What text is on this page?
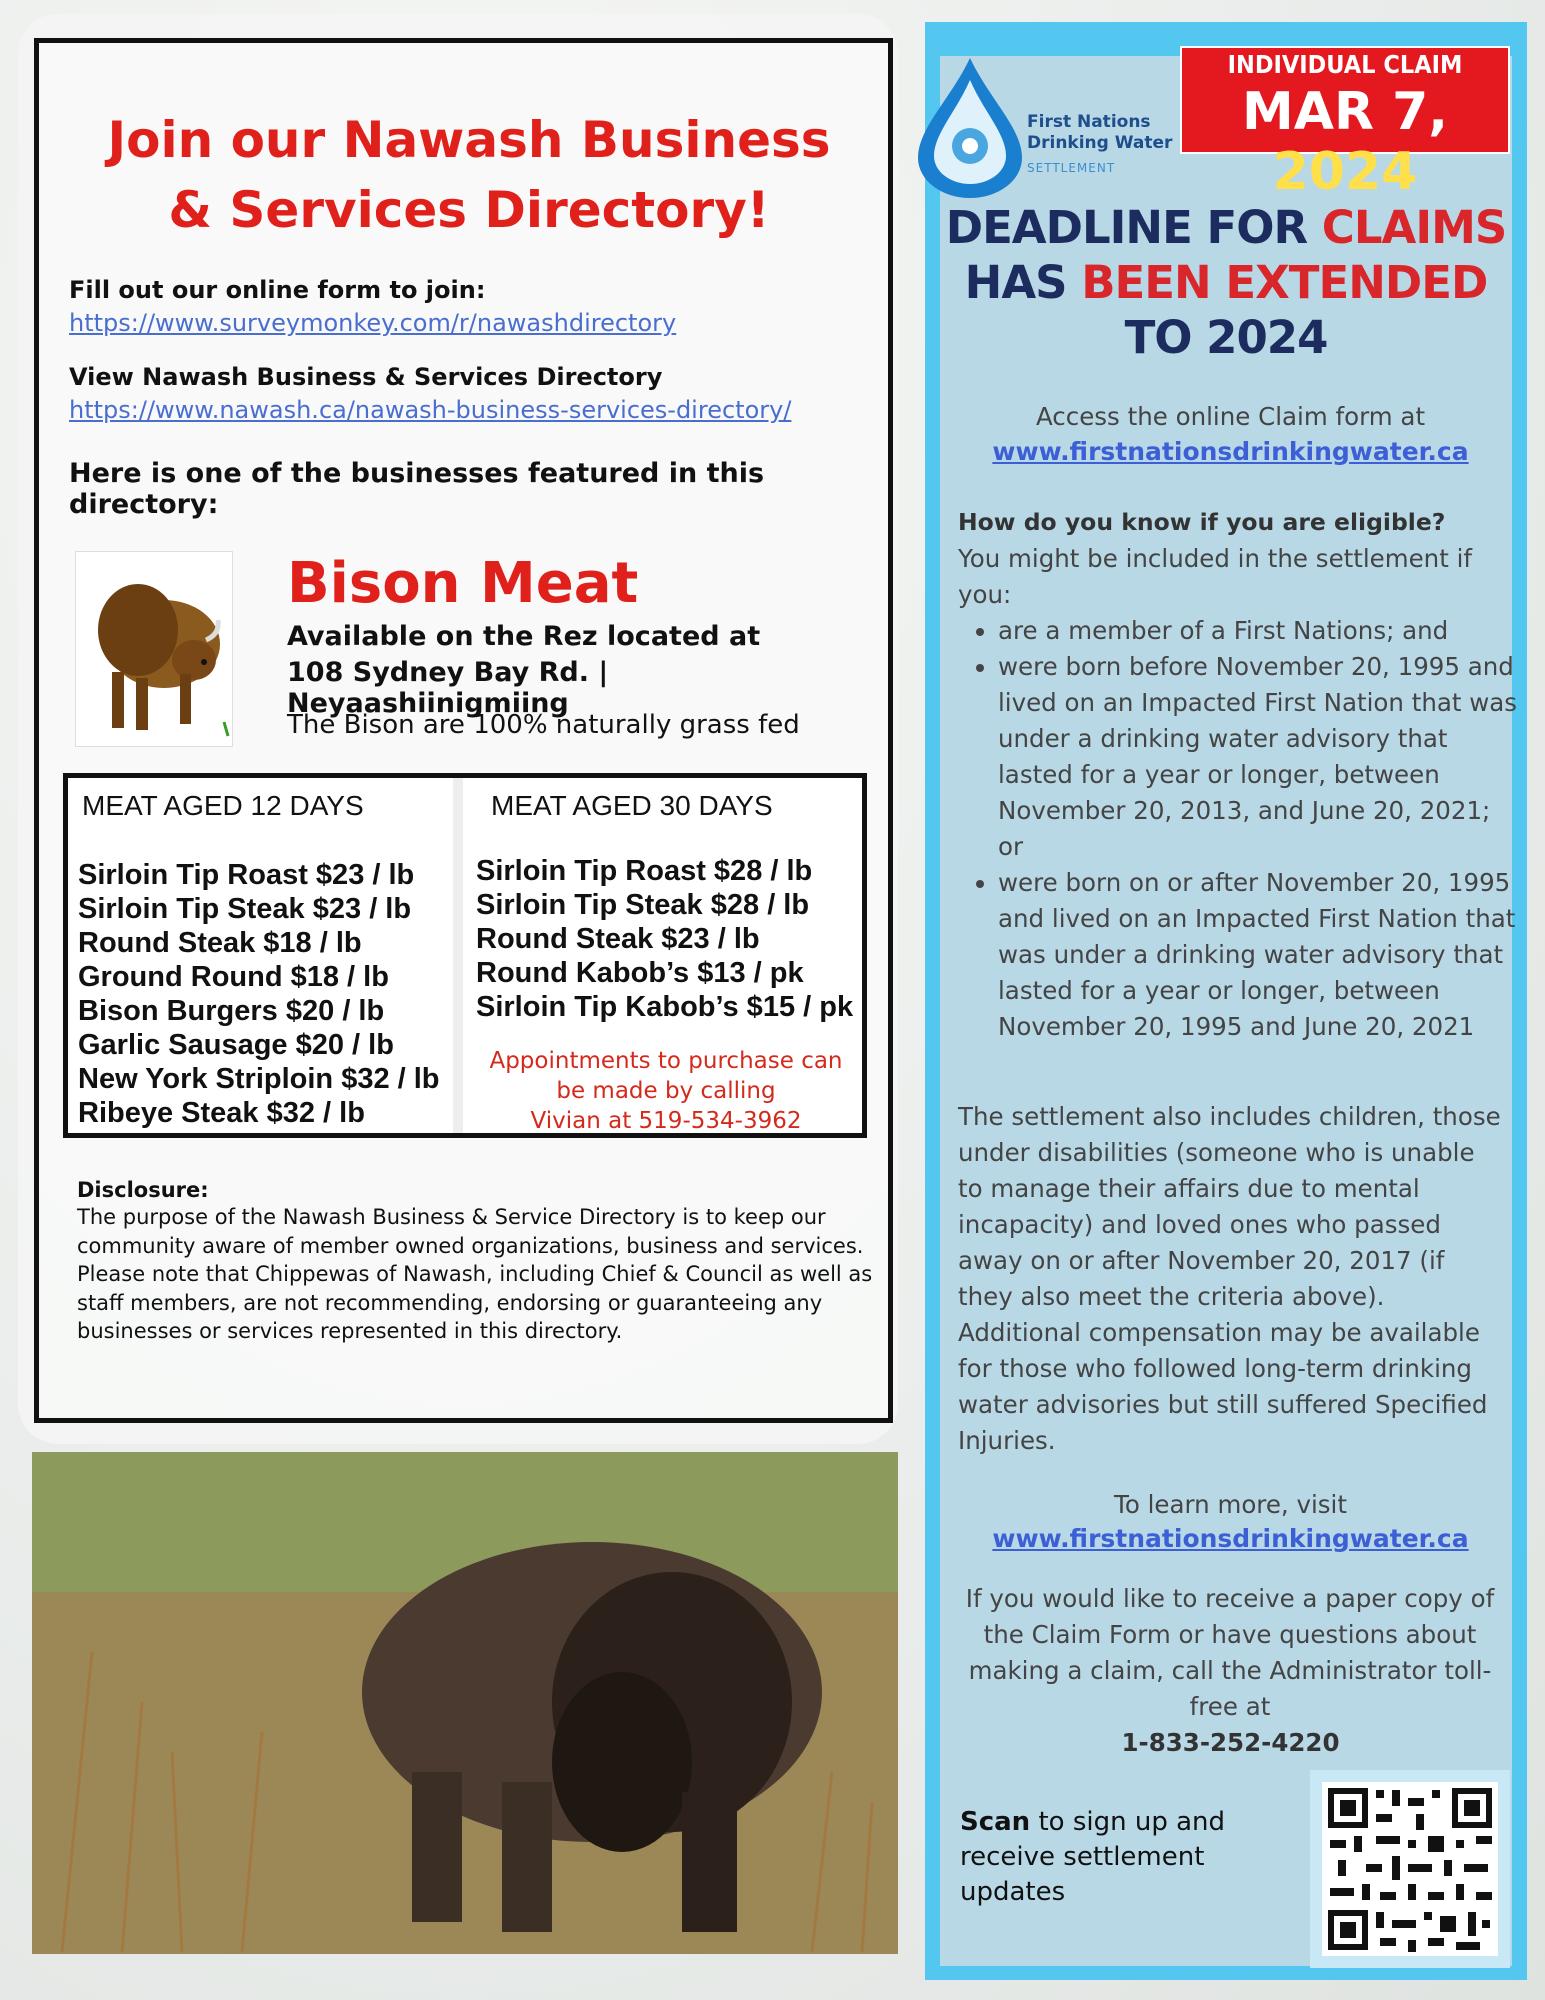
Join our Nawash Business
& Services Directory!
Fill out our online form to join:
https://www.surveymonkey.com/r/nawashdirectory
View Nawash Business & Services Directory
https://www.nawash.ca/nawash-business-services-directory/
Here is one of the businesses featured in this directory:
Bison Meat
Available on the Rez located at
108 Sydney Bay Rd. | Neyaashiinigmiing
The Bison are 100% naturally grass fed
MEAT AGED 12 DAYS
Sirloin Tip Roast $23 / lb
Sirloin Tip Steak $23 / lb
Round Steak $18 / lb
Ground Round $18 / lb
Bison Burgers $20 / lb
Garlic Sausage $20 / lb
New York Striploin $32 / lb
Ribeye Steak $32 / lb
MEAT AGED 30 DAYS
Sirloin Tip Roast $28 / lb
Sirloin Tip Steak $28 / lb
Round Steak $23 / lb
Round Kabob’s $13 / pk
Sirloin Tip Kabob’s $15 / pk
Appointments to purchase can
be made by calling
Vivian at 519-534-3962
Disclosure:
The purpose of the Nawash Business & Service Directory is to keep our community aware of member owned organizations, business and services. Please note that Chippewas of Nawash, including Chief & Council as well as staff members, are not recommending, endorsing or guaranteeing any businesses or services represented in this directory.
First Nations
Drinking Water
SETTLEMENT
INDIVIDUAL CLAIM
MAR 7, 2024
DEADLINE FOR CLAIMS
HAS BEEN EXTENDED
TO 2024
Access the online Claim form at
www.firstnationsdrinkingwater.ca
How do you know if you are eligible?
You might be included in the settlement if you:
• are a member of a First Nations; and
• were born before November 20, 1995 and lived on an Impacted First Nation that was under a drinking water advisory that lasted for a year or longer, between November 20, 2013, and June 20, 2021; or
• were born on or after November 20, 1995 and lived on an Impacted First Nation that was under a drinking water advisory that lasted for a year or longer, between November 20, 1995 and June 20, 2021
The settlement also includes children, those under disabilities (someone who is unable to manage their affairs due to mental incapacity) and loved ones who passed away on or after November 20, 2017 (if they also meet the criteria above). Additional compensation may be available for those who followed long-term drinking water advisories but still suffered Specified Injuries.
To learn more, visit
www.firstnationsdrinkingwater.ca
If you would like to receive a paper copy of the Claim Form or have questions about making a claim, call the Administrator toll-free at
1-833-252-4220
Scan to sign up and receive settlement updates
